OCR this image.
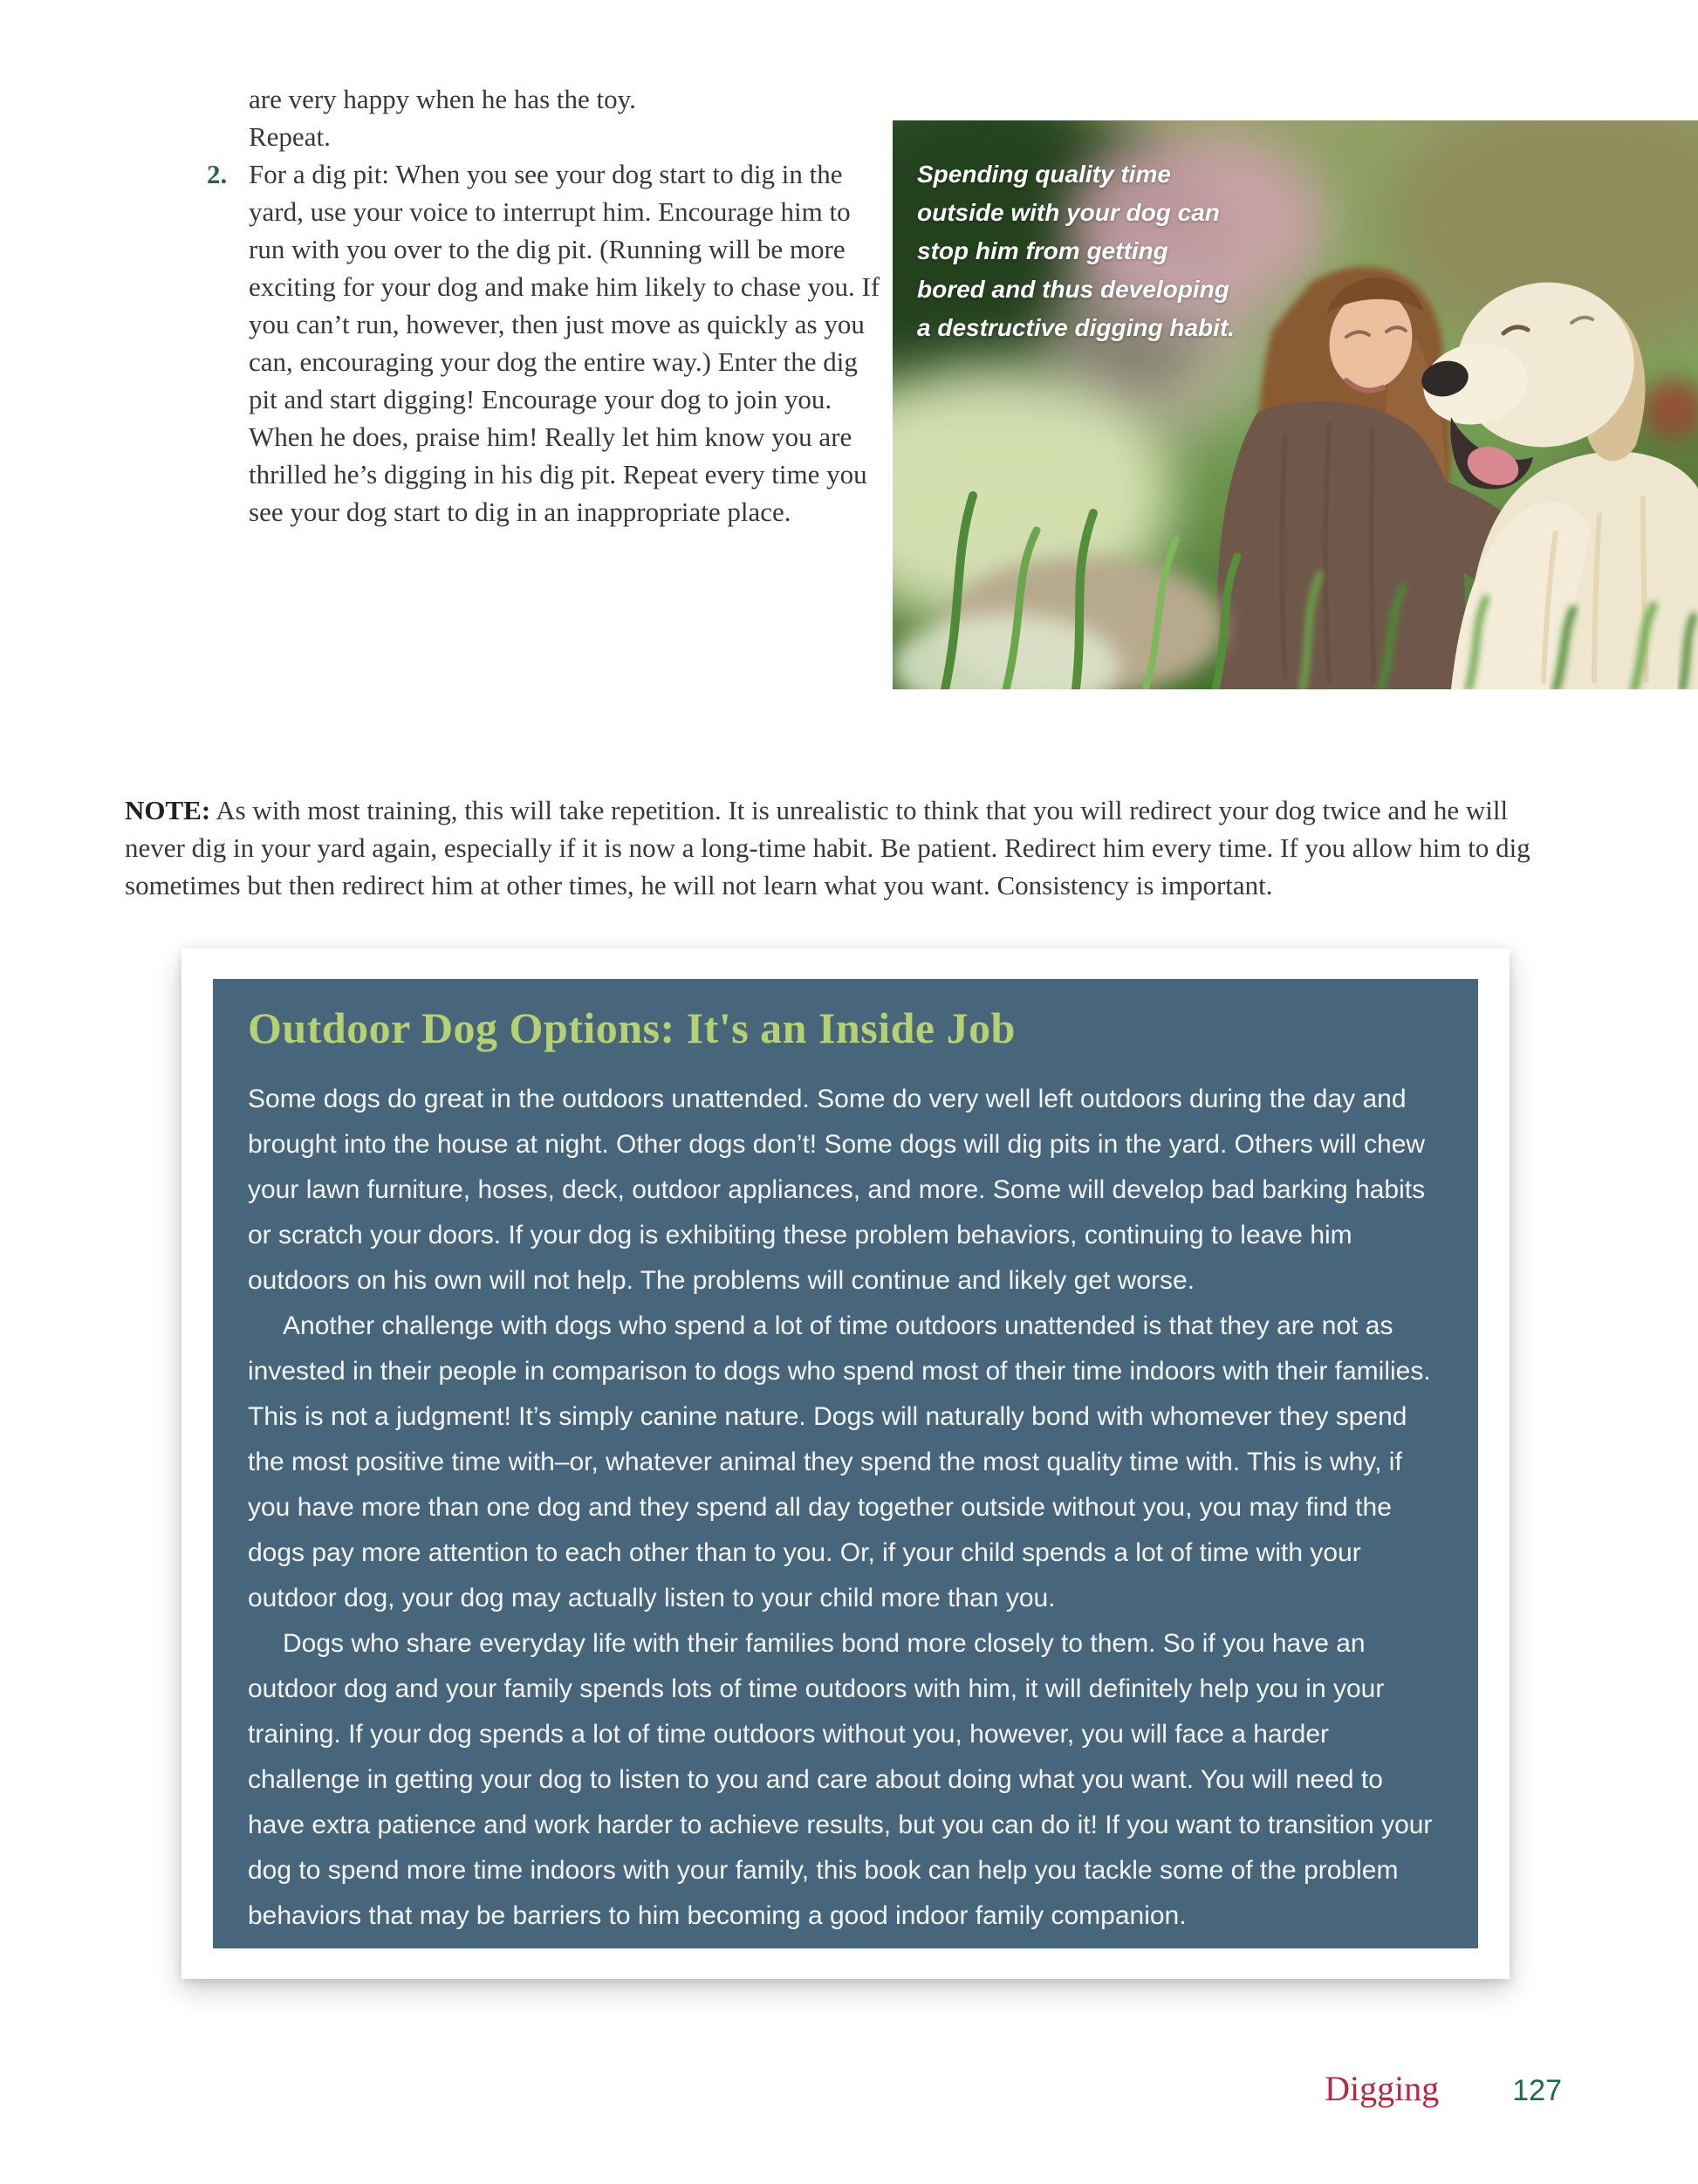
are very happy when he has the toy.
Repeat.
2. For a dig pit: When you see your dog start to dig in the yard, use your voice to interrupt him. Encourage him to run with you over to the dig pit. (Running will be more exciting for your dog and make him likely to chase you. If you can’t run, however, then just move as quickly as you can, encouraging your dog the entire way.) Enter the dig pit and start digging! Encourage your dog to join you. When he does, praise him! Really let him know you are thrilled he’s digging in his dig pit. Repeat every time you see your dog start to dig in an inappropriate place.
Spending quality time outside with your dog can stop him from getting bored and thus developing a destructive digging habit.

NOTE: As with most training, this will take repetition. It is unrealistic to think that you will redirect your dog twice and he will never dig in your yard again, especially if it is now a long-time habit. Be patient. Redirect him every time. If you allow him to dig sometimes but then redirect him at other times, he will not learn what you want. Consistency is important.

Outdoor Dog Options: It's an Inside Job

Some dogs do great in the outdoors unattended. Some do very well left outdoors during the day and brought into the house at night. Other dogs don’t! Some dogs will dig pits in the yard. Others will chew your lawn furniture, hoses, deck, outdoor appliances, and more. Some will develop bad barking habits or scratch your doors. If your dog is exhibiting these problem behaviors, continuing to leave him outdoors on his own will not help. The problems will continue and likely get worse.

Another challenge with dogs who spend a lot of time outdoors unattended is that they are not as invested in their people in comparison to dogs who spend most of their time indoors with their families. This is not a judgment! It’s simply canine nature. Dogs will naturally bond with whomever they spend the most positive time with–or, whatever animal they spend the most quality time with. This is why, if you have more than one dog and they spend all day together outside without you, you may find the dogs pay more attention to each other than to you. Or, if your child spends a lot of time with your outdoor dog, your dog may actually listen to your child more than you.

Dogs who share everyday life with their families bond more closely to them. So if you have an outdoor dog and your family spends lots of time outdoors with him, it will definitely help you in your training. If your dog spends a lot of time outdoors without you, however, you will face a harder challenge in getting your dog to listen to you and care about doing what you want. You will need to have extra patience and work harder to achieve results, but you can do it! If you want to transition your dog to spend more time indoors with your family, this book can help you tackle some of the problem behaviors that may be barriers to him becoming a good indoor family companion.

Digging 127
